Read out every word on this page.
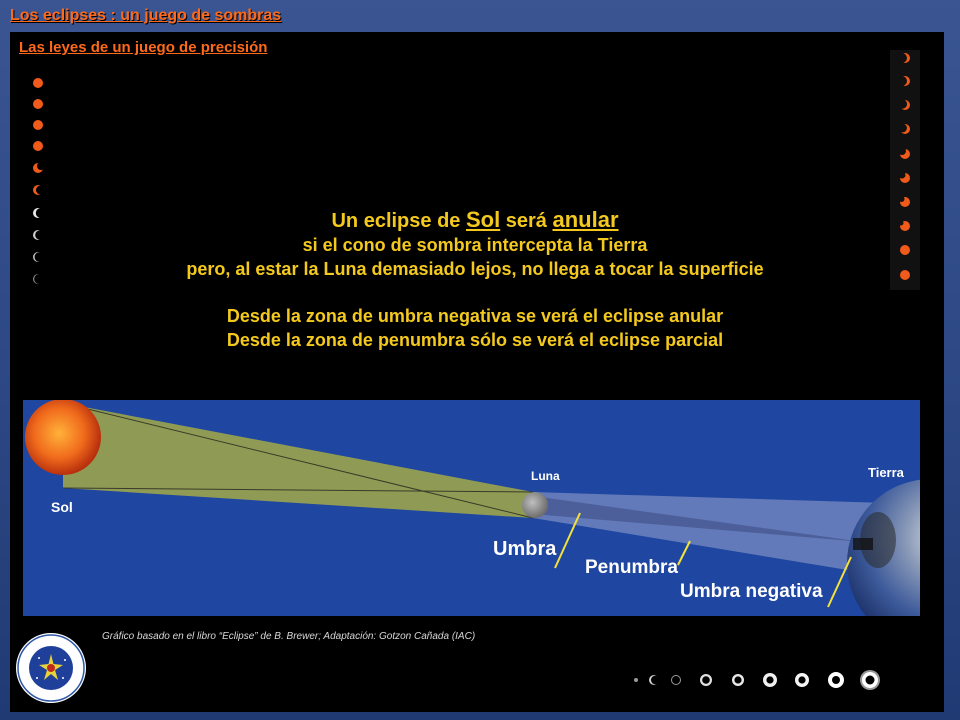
Los eclipses : un juego de sombras
Las leyes de un juego de precisión

Un eclipse de Sol será anular
si el cono de sombra intercepta la Tierra
pero, al estar la Luna demasiado lejos, no llega a tocar la superficie

Desde la zona de umbra negativa se verá el eclipse anular
Desde la zona de penumbra sólo se verá el eclipse parcial

Sol
Luna	Tierra
Umbra
Penumbra
Umbra negativa

Gráfico basado en el libro “Eclipse” de B. Brewer; Adaptación: Gotzon Cañada (IAC)
